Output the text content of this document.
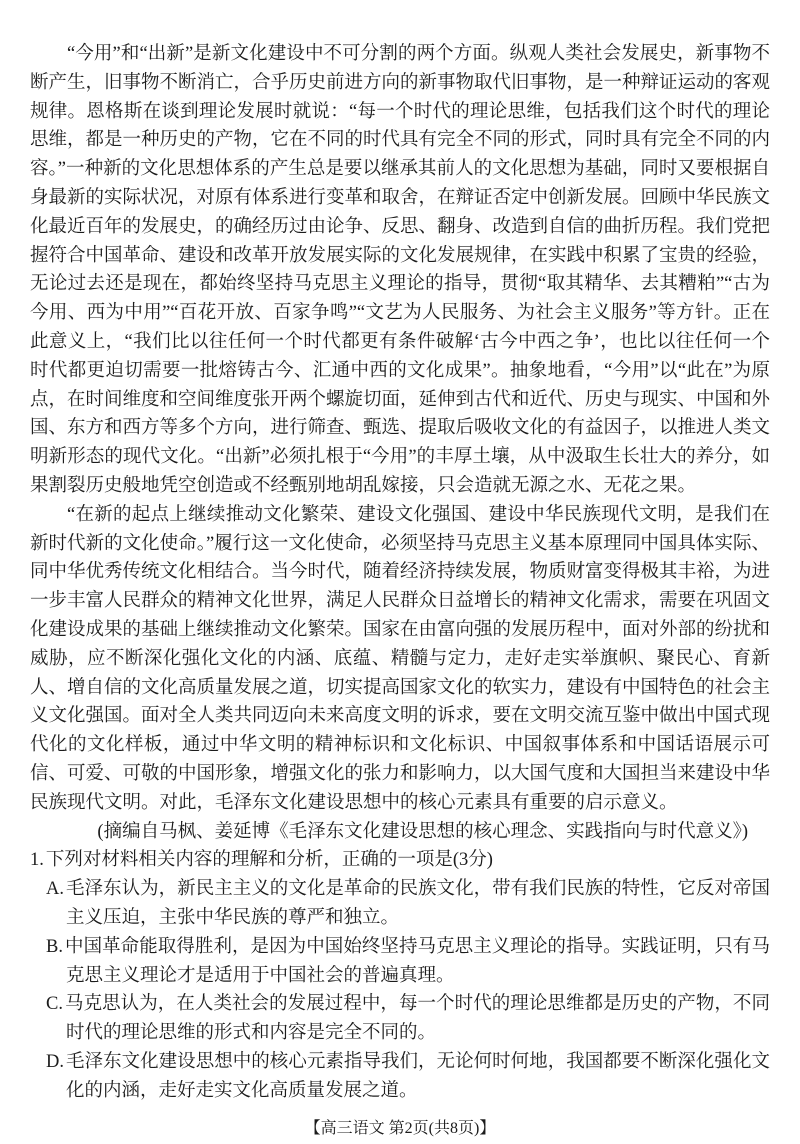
“今用”和“出新”是新文化建设中不可分割的两个方面。纵观人类社会发展史，新事物不断产生，旧事物不断消亡，合乎历史前进方向的新事物取代旧事物，是一种辩证运动的客观规律。恩格斯在谈到理论发展时就说：“每一个时代的理论思维，包括我们这个时代的理论思维，都是一种历史的产物，它在不同的时代具有完全不同的形式，同时具有完全不同的内容。”一种新的文化思想体系的产生总是要以继承其前人的文化思想为基础，同时又要根据自身最新的实际状况，对原有体系进行变革和取舍，在辩证否定中创新发展。回顾中华民族文化最近百年的发展史，的确经历过由论争、反思、翻身、改造到自信的曲折历程。我们党把握符合中国革命、建设和改革开放发展实际的文化发展规律，在实践中积累了宝贵的经验，无论过去还是现在，都始终坚持马克思主义理论的指导，贯彻“取其精华、去其糟粕”“古为今用、西为中用”“百花开放、百家争鸣”“文艺为人民服务、为社会主义服务”等方针。正在此意义上，“我们比以往任何一个时代都更有条件破解‘古今中西之争’，也比以往任何一个时代都更迫切需要一批熔铸古今、汇通中西的文化成果”。抽象地看，“今用”以“此在”为原点，在时间维度和空间维度张开两个螺旋切面，延伸到古代和近代、历史与现实、中国和外国、东方和西方等多个方向，进行筛查、甄选、提取后吸收文化的有益因子，以推进人类文明新形态的现代文化。“出新”必须扎根于“今用”的丰厚土壤，从中汲取生长壮大的养分，如果割裂历史般地凭空创造或不经甄别地胡乱嫁接，只会造就无源之水、无花之果。

“在新的起点上继续推动文化繁荣、建设文化强国、建设中华民族现代文明，是我们在新时代新的文化使命。”履行这一文化使命，必须坚持马克思主义基本原理同中国具体实际、同中华优秀传统文化相结合。当今时代，随着经济持续发展，物质财富变得极其丰裕，为进一步丰富人民群众的精神文化世界，满足人民群众日益增长的精神文化需求，需要在巩固文化建设成果的基础上继续推动文化繁荣。国家在由富向强的发展历程中，面对外部的纷扰和威胁，应不断深化强化文化的内涵、底蕴、精髓与定力，走好走实举旗帜、聚民心、育新人、增自信的文化高质量发展之道，切实提高国家文化的软实力，建设有中国特色的社会主义文化强国。面对全人类共同迈向未来高度文明的诉求，要在文明交流互鉴中做出中国式现代化的文化样板，通过中华文明的精神标识和文化标识、中国叙事体系和中国话语展示可信、可爱、可敬的中国形象，增强文化的张力和影响力，以大国气度和大国担当来建设中华民族现代文明。对此，毛泽东文化建设思想中的核心元素具有重要的启示意义。

(摘编自马枫、姜延博《毛泽东文化建设思想的核心理念、实践指向与时代意义》)

1. 下列对材料相关内容的理解和分析，正确的一项是(3分)

A. 毛泽东认为，新民主主义的文化是革命的民族文化，带有我们民族的特性，它反对帝国主义压迫，主张中华民族的尊严和独立。

B. 中国革命能取得胜利，是因为中国始终坚持马克思主义理论的指导。实践证明，只有马克思主义理论才是适用于中国社会的普遍真理。

C. 马克思认为，在人类社会的发展过程中，每一个时代的理论思维都是历史的产物，不同时代的理论思维的形式和内容是完全不同的。

D. 毛泽东文化建设思想中的核心元素指导我们，无论何时何地，我国都要不断深化强化文化的内涵，走好走实文化高质量发展之道。

【高三语文 第2页(共8页)】
